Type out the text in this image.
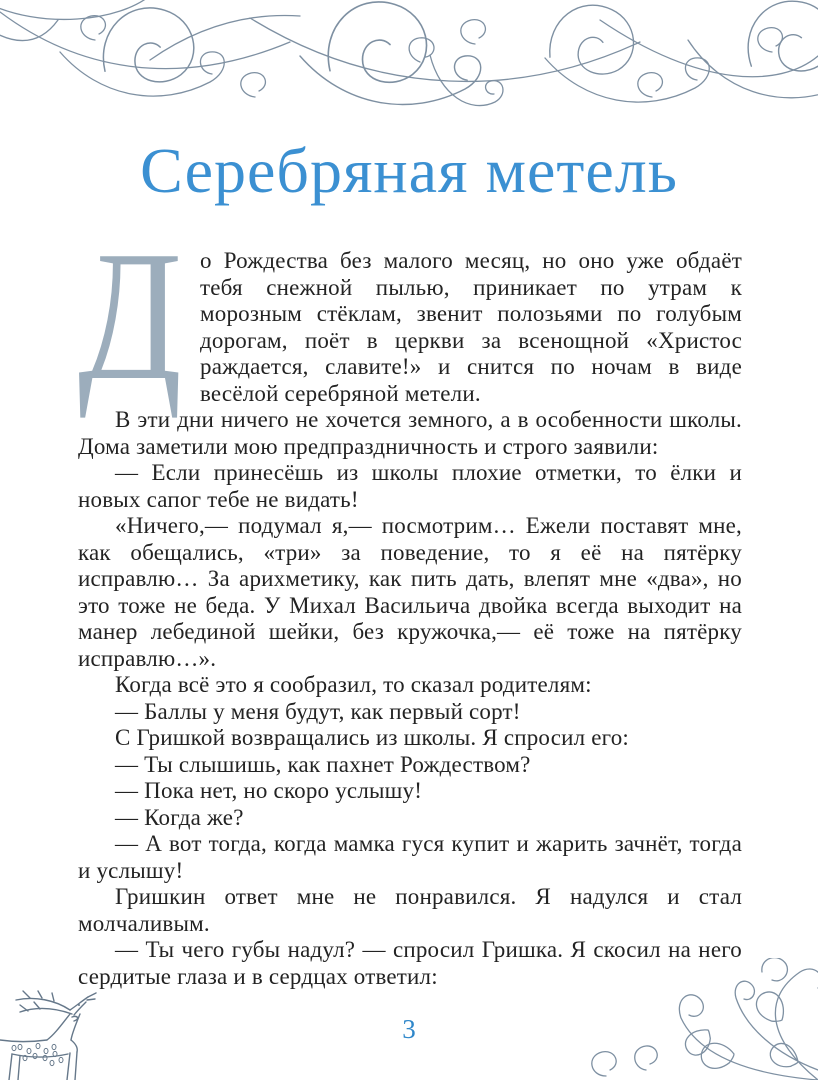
Серебряная метель

До Рождества без малого месяц, но оно уже обдаёт тебя снежной пылью, приникает по утрам к морозным стёклам, звенит полозьями по голубым дорогам, поёт в церкви за всенощной «Христос раждается, славите!» и снится по ночам в виде весёлой серебряной метели.

В эти дни ничего не хочется земного, а в особенности школы. Дома заметили мою предпраздничность и строго заявили:

— Если принесёшь из школы плохие отметки, то ёлки и новых сапог тебе не видать!

«Ничего,— подумал я,— посмотрим… Ежели поставят мне, как обещались, «три» за поведение, то я её на пятёрку исправлю… За арихметику, как пить дать, влепят мне «два», но это тоже не беда. У Михал Васильича двойка всегда выходит на манер лебединой шейки, без кружочка,— её тоже на пятёрку исправлю…».

Когда всё это я сообразил, то сказал родителям:

— Баллы у меня будут, как первый сорт!

С Гришкой возвращались из школы. Я спросил его:

— Ты слышишь, как пахнет Рождеством?

— Пока нет, но скоро услышу!

— Когда же?

— А вот тогда, когда мамка гуся купит и жарить зачнёт, тогда и услышу!

Гришкин ответ мне не понравился. Я надулся и стал молчаливым.

— Ты чего губы надул? — спросил Гришка. Я скосил на него сердитые глаза и в сердцах ответил:

3
